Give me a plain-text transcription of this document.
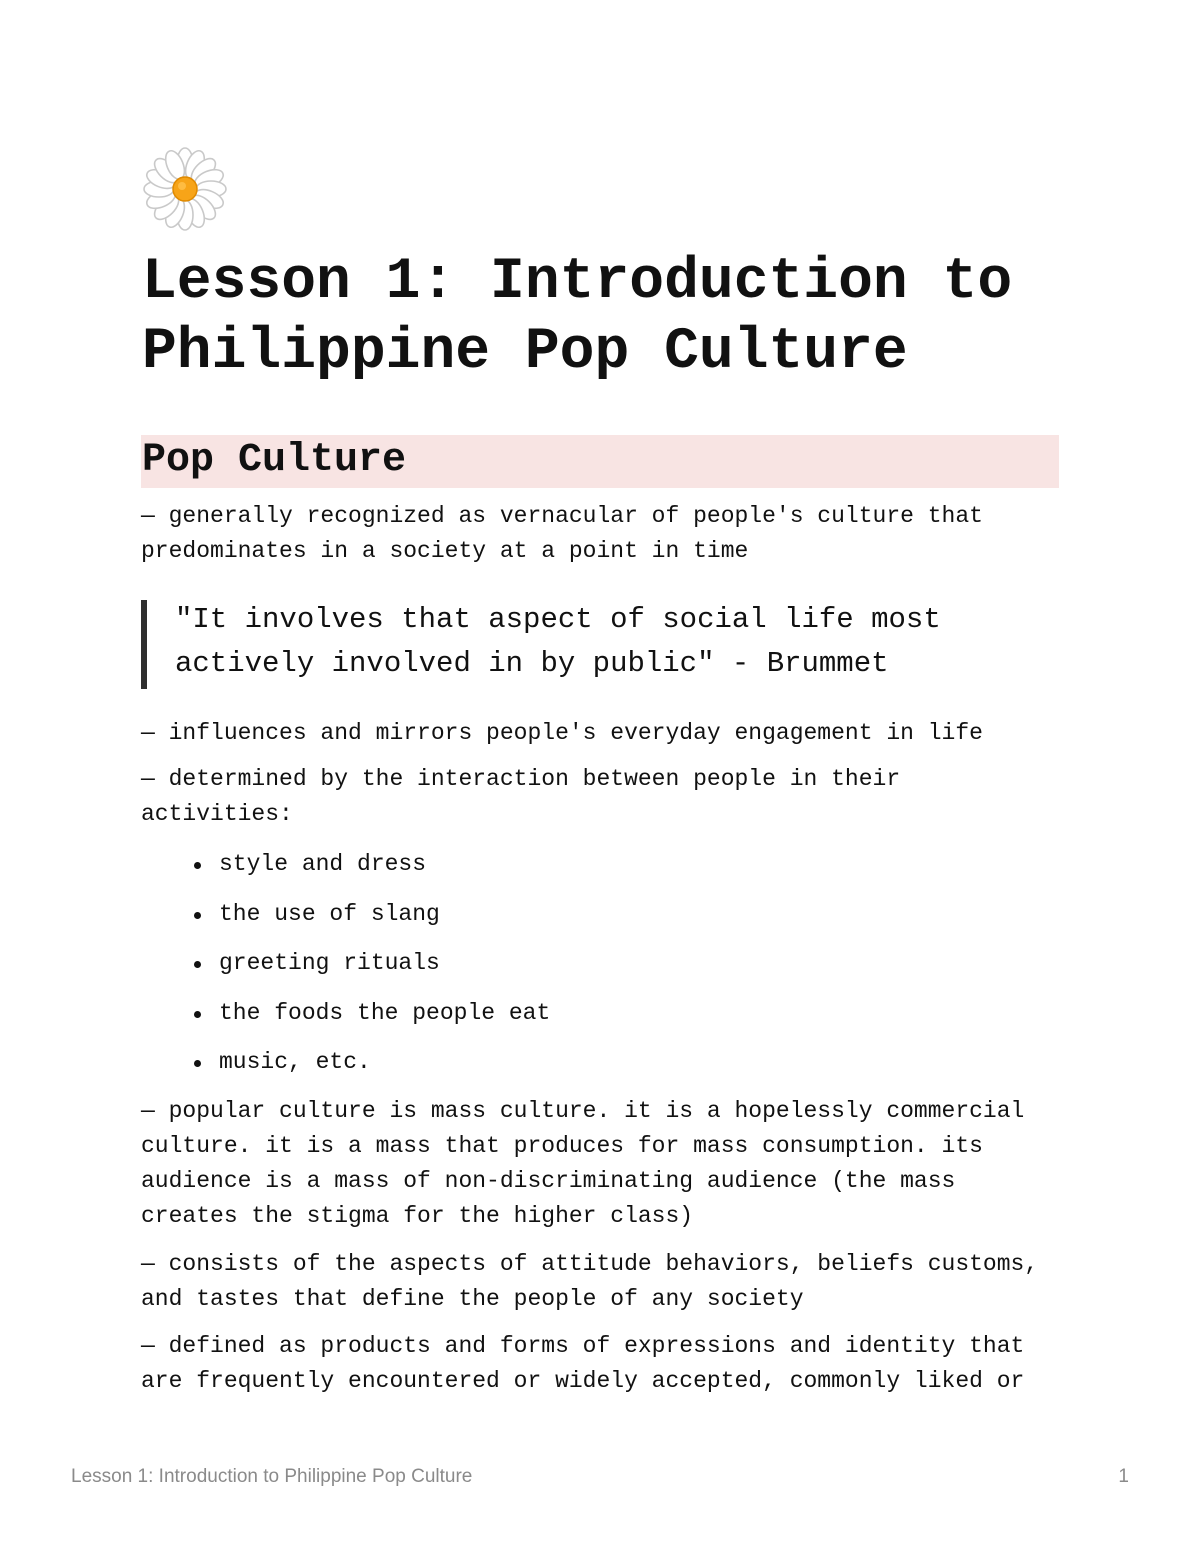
Lesson 1: Introduction to Philippine Pop Culture
Pop Culture

— generally recognized as vernacular of people's culture that predominates in a society at a point in time

"It involves that aspect of social life most actively involved in by public" - Brummet

— influences and mirrors people's everyday engagement in life

— determined by the interaction between people in their activities:

style and dress
the use of slang
greeting rituals
the foods the people eat
music, etc.

— popular culture is mass culture. it is a hopelessly commercial culture. it is a mass that produces for mass consumption. its audience is a mass of non-discriminating audience (the mass creates the stigma for the higher class)

— consists of the aspects of attitude behaviors, beliefs customs, and tastes that define the people of any society

— defined as products and forms of expressions and identity that are frequently encountered or widely accepted, commonly liked or

Lesson 1: Introduction to Philippine Pop Culture	1
